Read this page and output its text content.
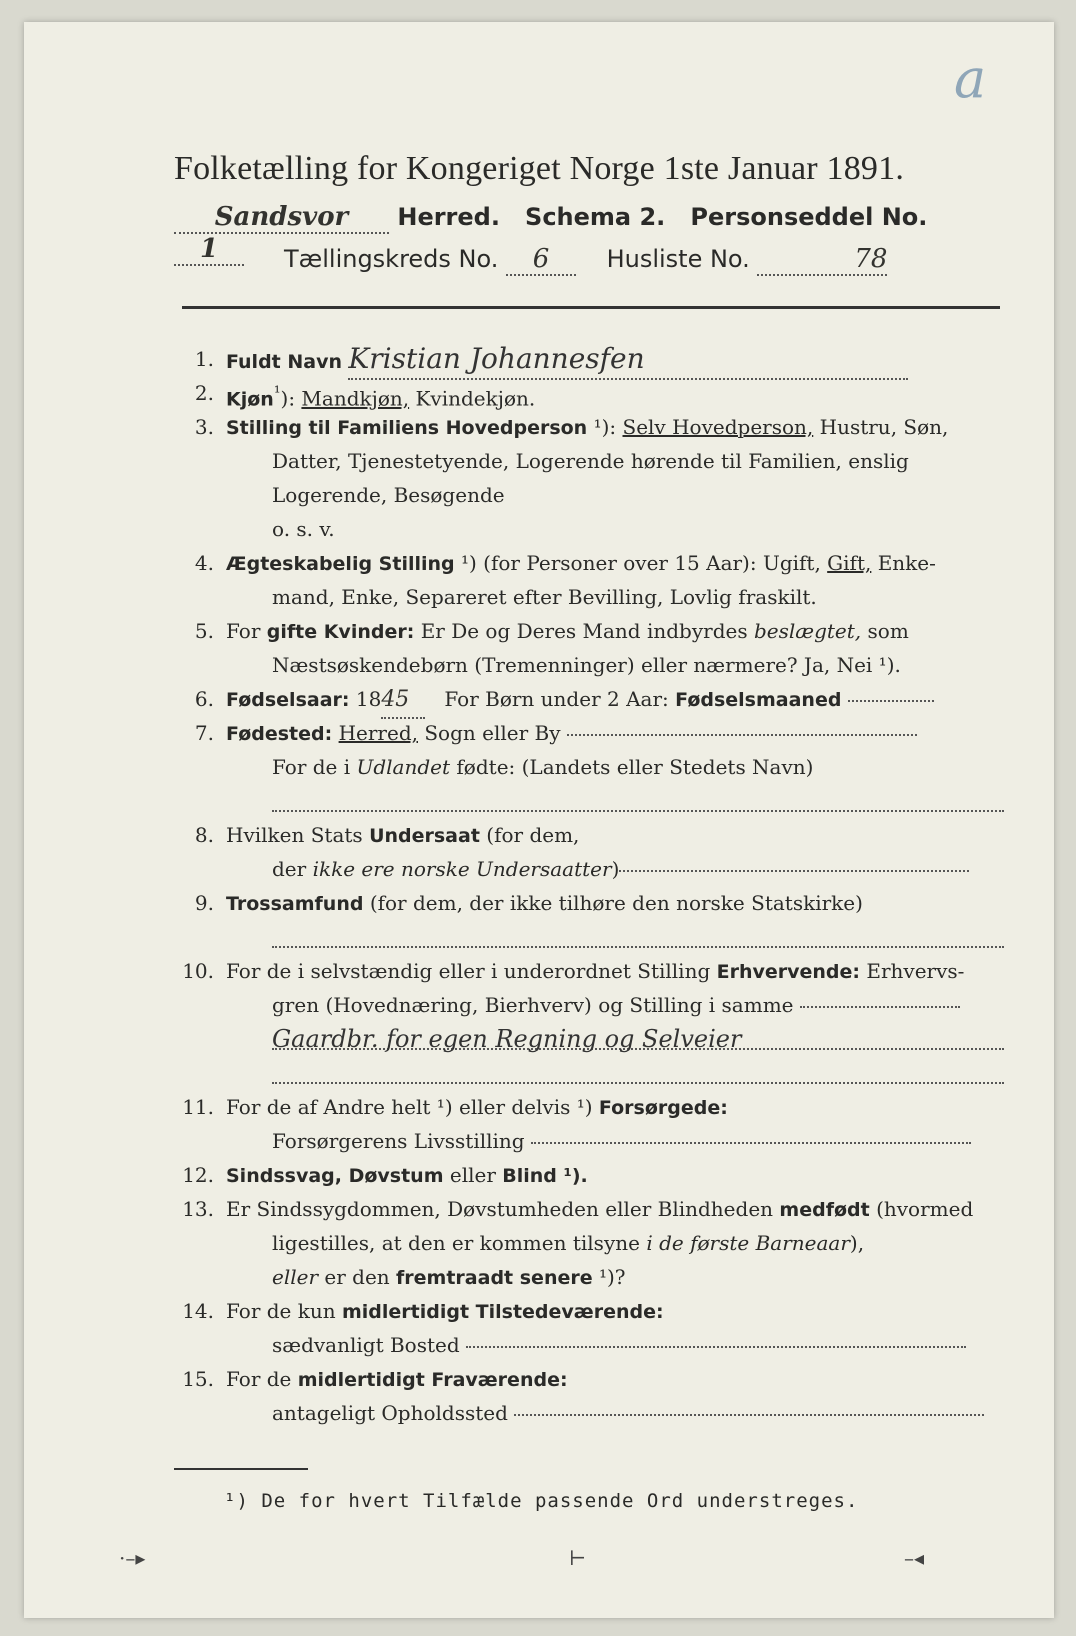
a
Folketælling for Kongeriget Norge 1ste Januar 1891.
Sandsvor Herred. Schema 2. Personseddel No. 1	Tællingskreds No. 6 Husliste No.	78
1. Fuldt Navn Kristian Johannesfen
2. Kjøn$^{^1}$): Mandkjøn, Kvindekjøn.
3. Stilling til Familiens Hovedperson ¹): Selv Hovedperson, Hustru, Søn,
Datter, Tjenestetyende, Logerende hørende til Familien, enslig
Logerende, Besøgende
o. s. v.
4. Ægteskabelig Stilling ¹) (for Personer over 15 Aar): Ugift, Gift, Enke-
mand, Enke, Separeret efter Bevilling, Lovlig fraskilt.
5. For gifte Kvinder: Er De og Deres Mand indbyrdes beslægtet, som
Næstsøskendebørn (Tremenninger) eller nærmere? Ja, Nei ¹).
6. Fødselsaar: 1845 For Børn under 2 Aar: Fødselsmaaned
7. Fødested: Herred, Sogn eller By
For de i Udlandet fødte: (Landets eller Stedets Navn)
8. Hvilken Stats Undersaat (for dem,
der ikke ere norske Undersaatter)
9. Trossamfund (for dem, der ikke tilhøre den norske Statskirke)
10. For de i selvstændig eller i underordnet Stilling Erhvervende: Erhvervs-
gren (Hovednæring, Bierhverv) og Stilling i samme
Gaardbr. for egen Regning og Selveier
11. For de af Andre helt ¹) eller delvis ¹) Forsørgede:
Forsørgerens Livsstilling
12. Sindssvag, Døvstum eller Blind ¹).
13. Er Sindssygdommen, Døvstumheden eller Blindheden medfødt (hvormed
ligestilles, at den er kommen tilsyne i de første Barneaar),
eller er den fremtraadt senere ¹)?
14. For de kun midlertidigt Tilstedeværende:
sædvanligt Bosted
15. For de midlertidigt Fraværende:
antageligt Opholdssted
¹) De for hvert Tilfælde passende Ord understreges.
·–▸	⊢	–◂
